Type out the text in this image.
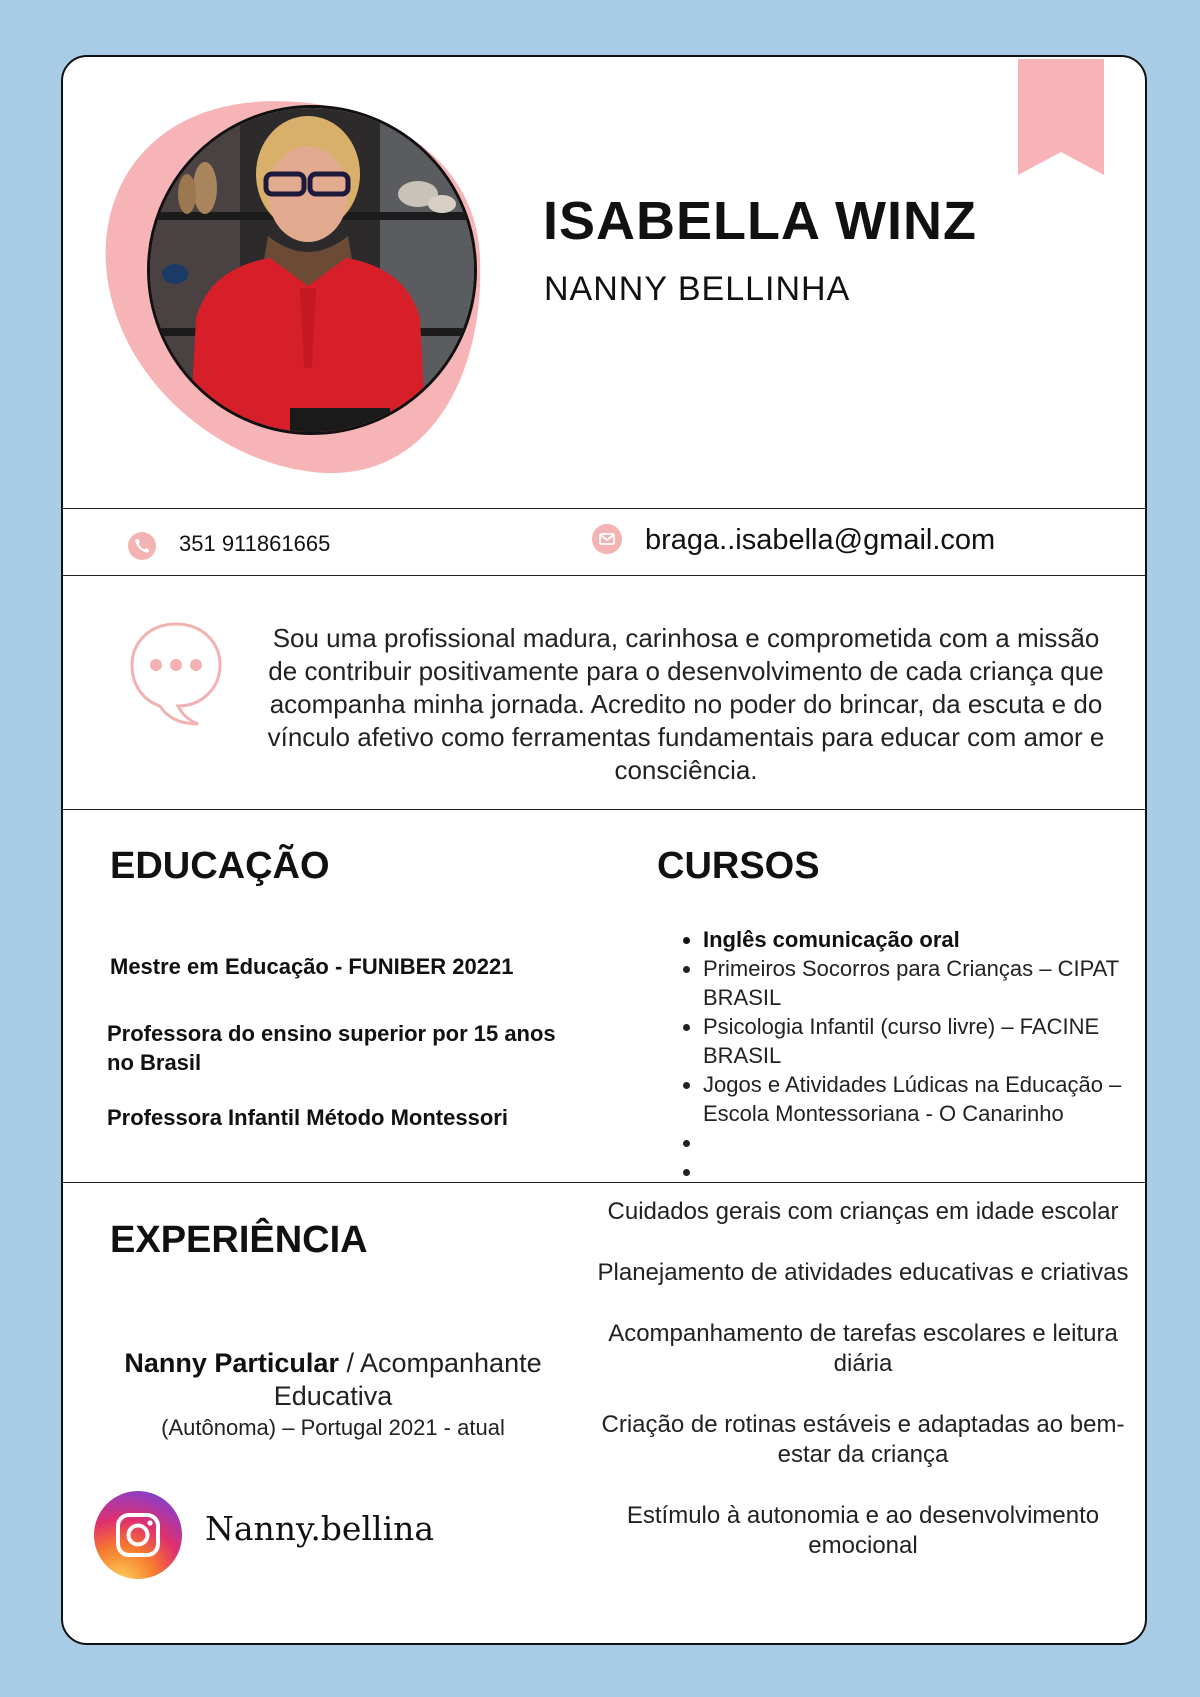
ISABELLA WINZ
NANNY BELLINHA
351 911861665	braga..isabella@gmail.com
Sou uma profissional madura, carinhosa e comprometida com a missão de contribuir positivamente para o desenvolvimento de cada criança que acompanha minha jornada. Acredito no poder do brincar, da escuta e do vínculo afetivo como ferramentas fundamentais para educar com amor e consciência.
EDUCAÇÃO
Mestre em Educação - FUNIBER 20221
Professora do ensino superior por 15 anos no Brasil
Professora Infantil Método Montessori
CURSOS
• Inglês comunicação oral
• Primeiros Socorros para Crianças – CIPAT BRASIL
• Psicologia Infantil (curso livre) – FACINE BRASIL
• Jogos e Atividades Lúdicas na Educação – Escola Montessoriana - O Canarinho
•
•
EXPERIÊNCIA
Nanny Particular / Acompanhante Educativa
(Autônoma) – Portugal 2021 - atual
Cuidados gerais com crianças em idade escolar
Planejamento de atividades educativas e criativas
Acompanhamento de tarefas escolares e leitura diária
Criação de rotinas estáveis e adaptadas ao bem-estar da criança
Estímulo à autonomia e ao desenvolvimento emocional
Nanny.bellina
